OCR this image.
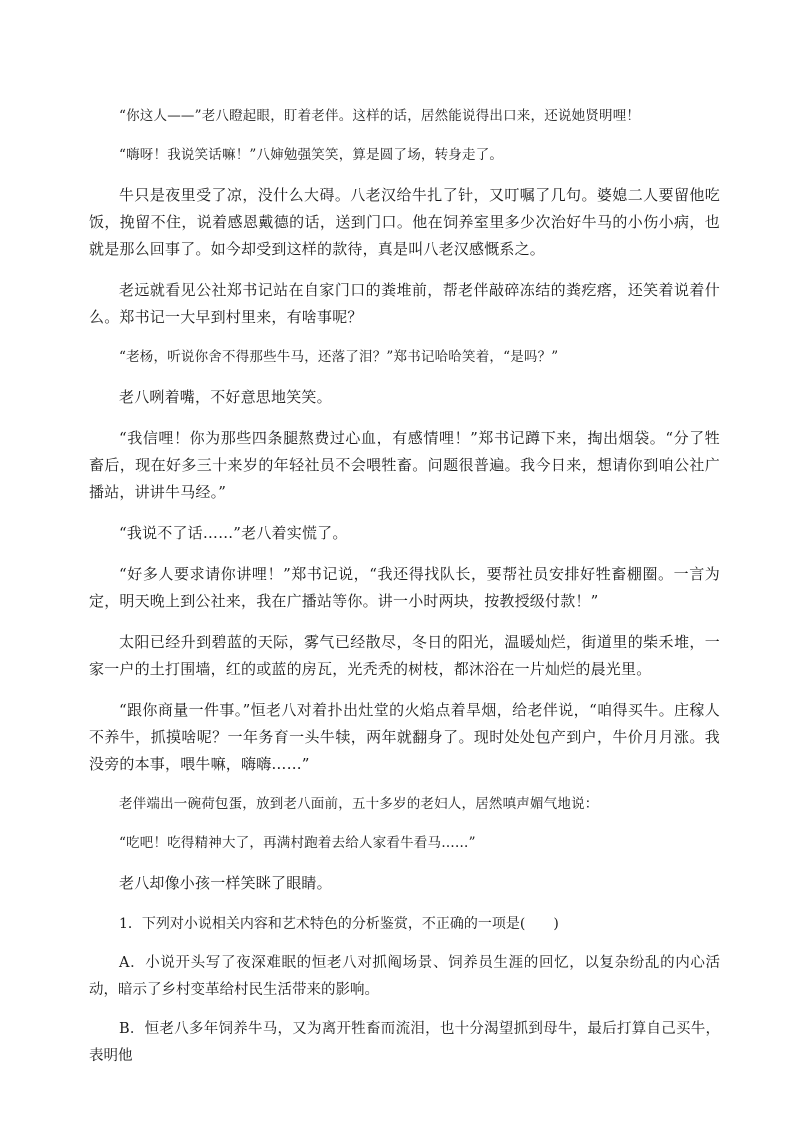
“你这人——”老八瞪起眼，盯着老伴。这样的话，居然能说得出口来，还说她贤明哩！

“嗨呀！我说笑话嘛！”八婶勉强笑笑，算是圆了场，转身走了。

牛只是夜里受了凉，没什么大碍。八老汉给牛扎了针，又叮嘱了几句。婆媳二人要留他吃饭，挽留不住，说着感恩戴德的话，送到门口。他在饲养室里多少次治好牛马的小伤小病，也就是那么回事了。如今却受到这样的款待，真是叫八老汉感慨系之。

老远就看见公社郑书记站在自家门口的粪堆前，帮老伴敲碎冻结的粪疙瘩，还笑着说着什么。郑书记一大早到村里来，有啥事呢？

“老杨，听说你舍不得那些牛马，还落了泪？”郑书记哈哈笑着，“是吗？”

老八咧着嘴，不好意思地笑笑。

“我信哩！你为那些四条腿熬费过心血，有感情哩！”郑书记蹲下来，掏出烟袋。“分了牲畜后，现在好多三十来岁的年轻社员不会喂牲畜。问题很普遍。我今日来，想请你到咱公社广播站，讲讲牛马经。”

“我说不了话……”老八着实慌了。

“好多人要求请你讲哩！”郑书记说，“我还得找队长，要帮社员安排好牲畜棚圈。一言为定，明天晚上到公社来，我在广播站等你。讲一小时两块，按教授级付款！”

太阳已经升到碧蓝的天际，雾气已经散尽，冬日的阳光，温暖灿烂，街道里的柴禾堆，一家一户的土打围墙，红的或蓝的房瓦，光秃秃的树枝，都沐浴在一片灿烂的晨光里。

“跟你商量一件事。”恒老八对着扑出灶堂的火焰点着旱烟，给老伴说，“咱得买牛。庄稼人不养牛，抓摸啥呢？一年务育一头牛犊，两年就翻身了。现时处处包产到户，牛价月月涨。我没旁的本事，喂牛嘛，嗨嗨……”

老伴端出一碗荷包蛋，放到老八面前，五十多岁的老妇人，居然嗔声媚气地说：

“吃吧！吃得精神大了，再满村跑着去给人家看牛看马……”

老八却像小孩一样笑眯了眼睛。

1．下列对小说相关内容和艺术特色的分析鉴赏，不正确的一项是(　　)

A．小说开头写了夜深难眠的恒老八对抓阄场景、饲养员生涯的回忆，以复杂纷乱的内心活动，暗示了乡村变革给村民生活带来的影响。

B．恒老八多年饲养牛马，又为离开牲畜而流泪，也十分渴望抓到母牛，最后打算自己买牛，表明他
